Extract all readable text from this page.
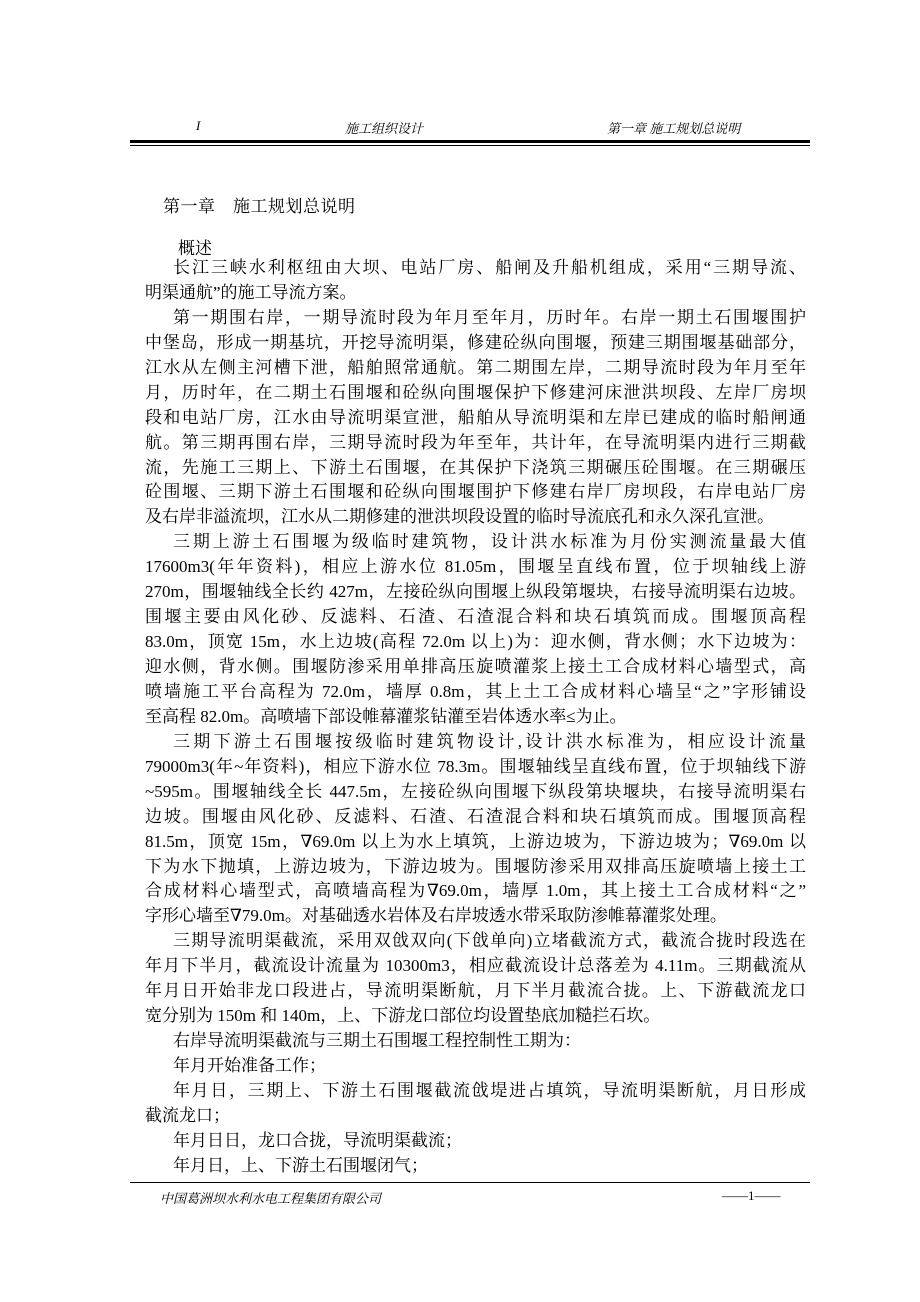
I	施工组织设计	第一章 施工规划总说明
第一章　施工规划总说明
概述
长江三峡水利枢纽由大坝、电站厂房、船闸及升船机组成，采用“三期导流、
明渠通航”的施工导流方案。
第一期围右岸，一期导流时段为年月至年月，历时年。右岸一期土石围堰围护
中堡岛，形成一期基坑，开挖导流明渠，修建砼纵向围堰，预建三期围堰基础部分，
江水从左侧主河槽下泄，船舶照常通航。第二期围左岸，二期导流时段为年月至年
月，历时年，在二期土石围堰和砼纵向围堰保护下修建河床泄洪坝段、左岸厂房坝
段和电站厂房，江水由导流明渠宣泄，船舶从导流明渠和左岸已建成的临时船闸通
航。第三期再围右岸，三期导流时段为年至年，共计年，在导流明渠内进行三期截
流，先施工三期上、下游土石围堰，在其保护下浇筑三期碾压砼围堰。在三期碾压
砼围堰、三期下游土石围堰和砼纵向围堰围护下修建右岸厂房坝段，右岸电站厂房
及右岸非溢流坝，江水从二期修建的泄洪坝段设置的临时导流底孔和永久深孔宣泄。
三期上游土石围堰为级临时建筑物，设计洪水标准为月份实测流量最大值
17600m3(年年资料)，相应上游水位 81.05m，围堰呈直线布置，位于坝轴线上游
270m，围堰轴线全长约 427m，左接砼纵向围堰上纵段第堰块，右接导流明渠右边坡。
围堰主要由风化砂、反滤料、石渣、石渣混合料和块石填筑而成。围堰顶高程
83.0m，顶宽 15m，水上边坡(高程 72.0m 以上)为：迎水侧，背水侧；水下边坡为：
迎水侧，背水侧。围堰防渗采用单排高压旋喷灌浆上接土工合成材料心墙型式，高
喷墙施工平台高程为 72.0m，墙厚 0.8m，其上土工合成材料心墙呈“之”字形铺设
至高程 82.0m。高喷墙下部设帷幕灌浆钻灌至岩体透水率≤为止。
三期下游土石围堰按级临时建筑物设计,设计洪水标准为，相应设计流量
79000m3(年~年资料)，相应下游水位 78.3m。围堰轴线呈直线布置，位于坝轴线下游
~595m。围堰轴线全长 447.5m，左接砼纵向围堰下纵段第块堰块，右接导流明渠右
边坡。围堰由风化砂、反滤料、石渣、石渣混合料和块石填筑而成。围堰顶高程
81.5m，顶宽 15m，∇69.0m 以上为水上填筑，上游边坡为，下游边坡为；∇69.0m 以
下为水下抛填，上游边坡为，下游边坡为。围堰防渗采用双排高压旋喷墙上接土工
合成材料心墙型式，高喷墙高程为∇69.0m，墙厚 1.0m，其上接土工合成材料“之”
字形心墙至∇79.0m。对基础透水岩体及右岸坡透水带采取防渗帷幕灌浆处理。
三期导流明渠截流，采用双戗双向(下戗单向)立堵截流方式，截流合拢时段选在
年月下半月，截流设计流量为 10300m3，相应截流设计总落差为 4.11m。三期截流从
年月日开始非龙口段进占，导流明渠断航，月下半月截流合拢。上、下游截流龙口
宽分别为 150m 和 140m，上、下游龙口部位均设置垫底加糙拦石坎。
右岸导流明渠截流与三期土石围堰工程控制性工期为：
年月开始准备工作；
年月日，三期上、下游土石围堰截流戗堤进占填筑，导流明渠断航，月日形成
截流龙口；
年月日日，龙口合拢，导流明渠截流；
年月日，上、下游土石围堰闭气；
中国葛洲坝水利水电工程集团有限公司	——1——
